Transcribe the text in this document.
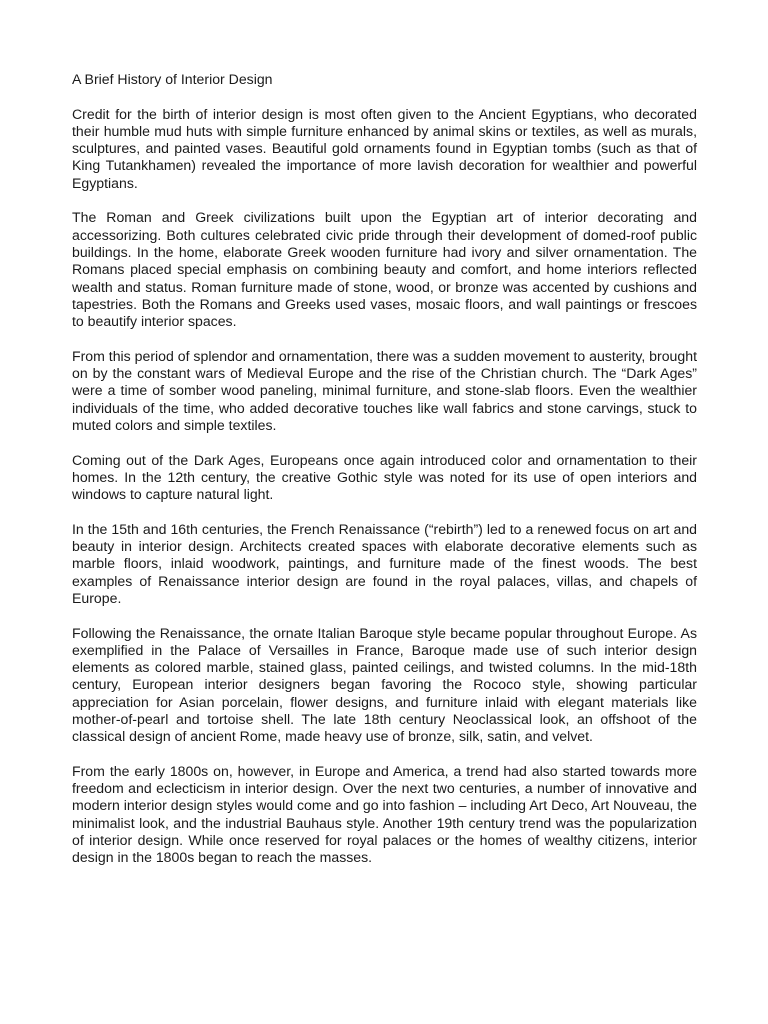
A Brief History of Interior Design

Credit for the birth of interior design is most often given to the Ancient Egyptians, who decorated their humble mud huts with simple furniture enhanced by animal skins or textiles, as well as murals, sculptures, and painted vases. Beautiful gold ornaments found in Egyptian tombs (such as that of King Tutankhamen) revealed the importance of more lavish decoration for wealthier and powerful Egyptians.

The Roman and Greek civilizations built upon the Egyptian art of interior decorating and accessorizing. Both cultures celebrated civic pride through their development of domed-roof public buildings. In the home, elaborate Greek wooden furniture had ivory and silver ornamentation. The Romans placed special emphasis on combining beauty and comfort, and home interiors reflected wealth and status. Roman furniture made of stone, wood, or bronze was accented by cushions and tapestries. Both the Romans and Greeks used vases, mosaic floors, and wall paintings or frescoes to beautify interior spaces.

From this period of splendor and ornamentation, there was a sudden movement to austerity, brought on by the constant wars of Medieval Europe and the rise of the Christian church. The “Dark Ages” were a time of somber wood paneling, minimal furniture, and stone-slab floors. Even the wealthier individuals of the time, who added decorative touches like wall fabrics and stone carvings, stuck to muted colors and simple textiles.

Coming out of the Dark Ages, Europeans once again introduced color and ornamentation to their homes. In the 12th century, the creative Gothic style was noted for its use of open interiors and windows to capture natural light.

In the 15th and 16th centuries, the French Renaissance (“rebirth”) led to a renewed focus on art and beauty in interior design. Architects created spaces with elaborate decorative elements such as marble floors, inlaid woodwork, paintings, and furniture made of the finest woods. The best examples of Renaissance interior design are found in the royal palaces, villas, and chapels of Europe.

Following the Renaissance, the ornate Italian Baroque style became popular throughout Europe. As exemplified in the Palace of Versailles in France, Baroque made use of such interior design elements as colored marble, stained glass, painted ceilings, and twisted columns. In the mid-18th century, European interior designers began favoring the Rococo style, showing particular appreciation for Asian porcelain, flower designs, and furniture inlaid with elegant materials like mother-of-pearl and tortoise shell. The late 18th century Neoclassical look, an offshoot of the classical design of ancient Rome, made heavy use of bronze, silk, satin, and velvet.

From the early 1800s on, however, in Europe and America, a trend had also started towards more freedom and eclecticism in interior design. Over the next two centuries, a number of innovative and modern interior design styles would come and go into fashion – including Art Deco, Art Nouveau, the minimalist look, and the industrial Bauhaus style. Another 19th century trend was the popularization of interior design. While once reserved for royal palaces or the homes of wealthy citizens, interior design in the 1800s began to reach the masses.
